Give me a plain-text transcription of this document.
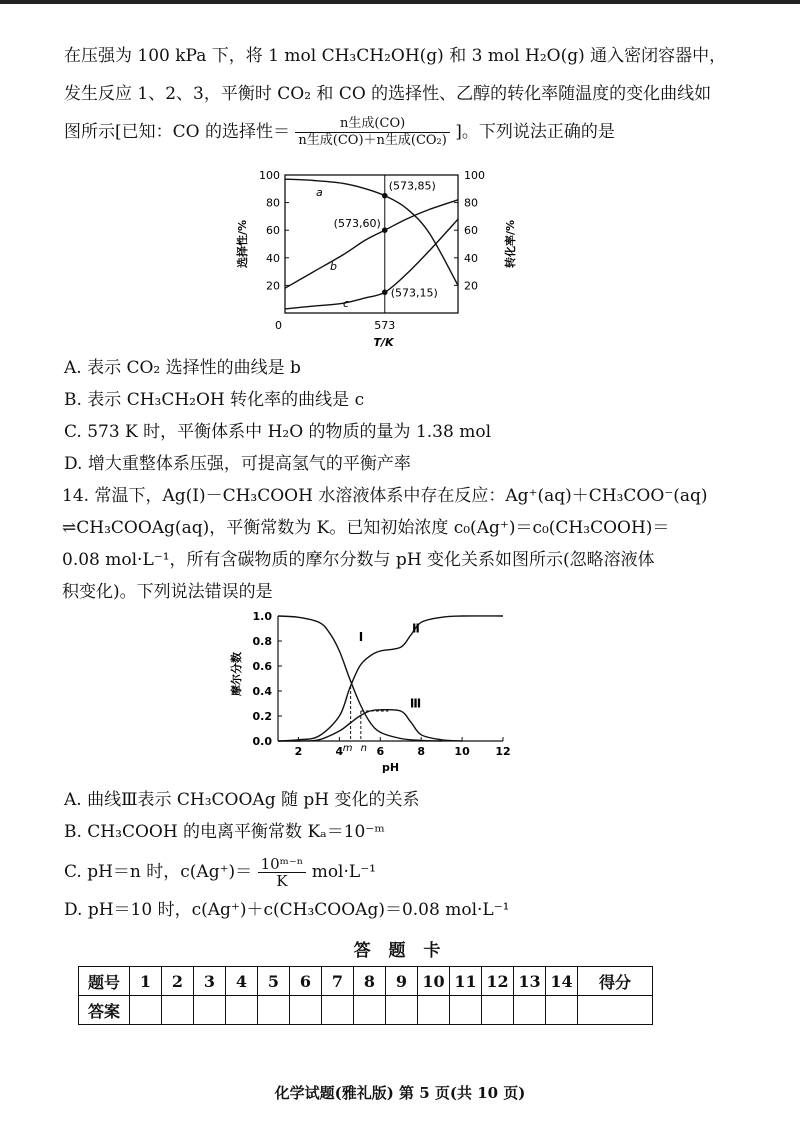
在压强为 100 kPa 下，将 1 mol CH₃CH₂OH(g) 和 3 mol H₂O(g) 通入密闭容器中，
发生反应 1、2、3，平衡时 CO₂ 和 CO 的选择性、乙醇的转化率随温度的变化曲线如
图所示[已知：CO 的选择性＝ $\frac{\text{n生成(CO)}}{\text{n生成(CO)＋n生成(CO₂)}}$ ]。下列说法正确的是
20	20
40	40
60	60
80	80
100	100
0	573
T/K
选择性/%	转化率/%
a
b
c
(573,85)
(573,60)
(573,15)
A. 表示 CO₂ 选择性的曲线是 b
B. 表示 CH₃CH₂OH 转化率的曲线是 c
C. 573 K 时，平衡体系中 H₂O 的物质的量为 1.38 mol
D. 增大重整体系压强，可提高氢气的平衡产率
14. 常温下，Ag(Ⅰ)－CH₃COOH 水溶液体系中存在反应：Ag⁺(aq)＋CH₃COO⁻(aq)
⇌CH₃COOAg(aq)，平衡常数为 K。已知初始浓度 c₀(Ag⁺)＝c₀(CH₃COOH)＝
0.08 mol·L⁻¹，所有含碳物质的摩尔分数与 pH 变化关系如图所示(忽略溶液体
积变化)。下列说法错误的是
0.0
0.2
0.4
0.6
0.8
1.0
2	4	6	8	10 12
pH
摩尔分数
m n
Ⅰ
Ⅱ
Ⅲ
A. 曲线Ⅲ表示 CH₃COOAg 随 pH 变化的关系
B. CH₃COOH 的电离平衡常数 Kₐ＝10⁻ᵐ
C. pH＝n 时，$c(Ag^+)= \frac{\text{10ᵐ⁻ⁿ}}{K} mol\cdot L^{-1}$
D. pH＝10 时，c(Ag⁺)＋c(CH₃COOAg)＝0.08 mol·L⁻¹
答 题 卡
题号	1	2	3	4	5	6	7	8	9	10	11	12	13	14	得分
答案															
化学试题(雅礼版) 第 5 页(共 10 页)
